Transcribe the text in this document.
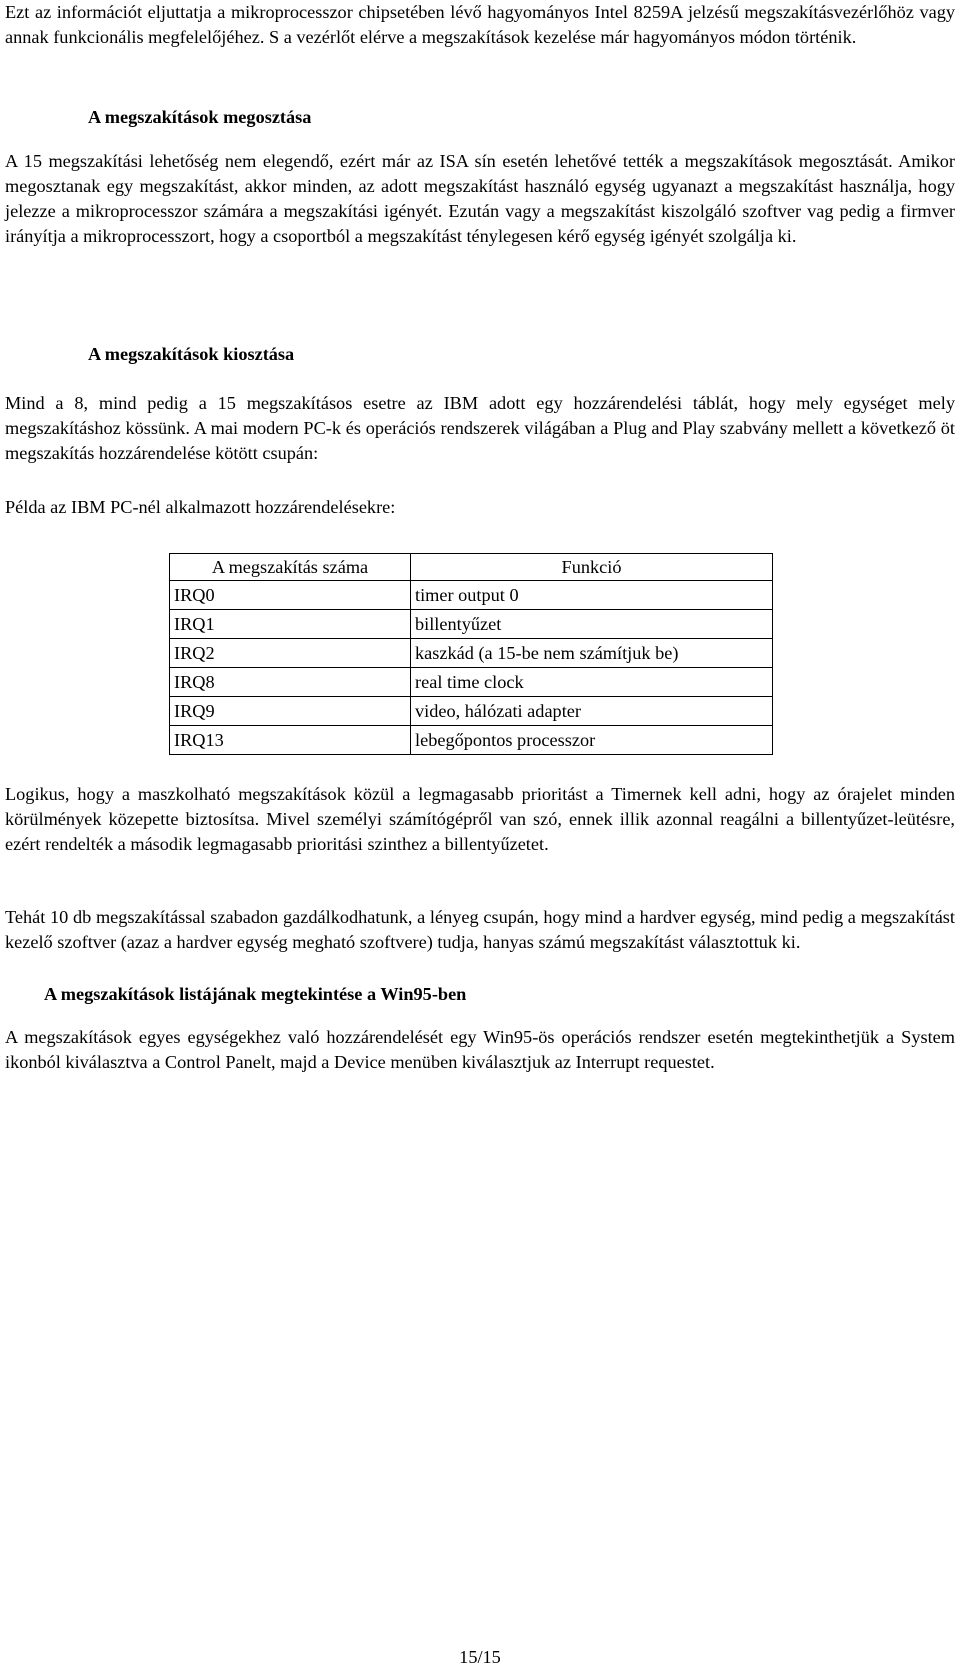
Ezt az információt eljuttatja a mikroprocesszor chipsetében lévő hagyományos Intel 8259A jelzésű megszakításvezérlőhöz vagy annak funkcionális megfelelőjéhez. S a vezérlőt elérve a megszakítások kezelése már hagyományos módon történik.

A megszakítások megosztása

A 15 megszakítási lehetőség nem elegendő, ezért már az ISA sín esetén lehetővé tették a megszakítások megosztását. Amikor megosztanak egy megszakítást, akkor minden, az adott megszakítást használó egység ugyanazt a megszakítást használja, hogy jelezze a mikroprocesszor számára a megszakítási igényét. Ezután vagy a megszakítást kiszolgáló szoftver vag pedig a firmver irányítja a mikroprocesszort, hogy a csoportból a megszakítást ténylegesen kérő egység igényét szolgálja ki.

A megszakítások kiosztása

Mind a 8, mind pedig a 15 megszakításos esetre az IBM adott egy hozzárendelési táblát, hogy mely egységet mely megszakításhoz kössünk. A mai modern PC-k és operációs rendszerek világában a Plug and Play szabvány mellett a következő öt megszakítás hozzárendelése kötött csupán:

Példa az IBM PC-nél alkalmazott hozzárendelésekre:

A megszakítás száma	Funkció
IRQ0	timer output 0
IRQ1	billentyűzet
IRQ2	kaszkád (a 15-be nem számítjuk be)
IRQ8	real time clock
IRQ9	video, hálózati adapter
IRQ13	lebegőpontos processzor

Logikus, hogy a maszkolható megszakítások közül a legmagasabb prioritást a Timernek kell adni, hogy az órajelet minden körülmények közepette biztosítsa. Mivel személyi számítógépről van szó, ennek illik azonnal reagálni a billentyűzet-leütésre, ezért rendelték a második legmagasabb prioritási szinthez a billentyűzetet.

Tehát 10 db megszakítással szabadon gazdálkodhatunk, a lényeg csupán, hogy mind a hardver egység, mind pedig a megszakítást kezelő szoftver (azaz a hardver egység megható szoftvere) tudja, hanyas számú megszakítást választottuk ki.

A megszakítások listájának megtekintése a Win95-ben

A megszakítások egyes egységekhez való hozzárendelését egy Win95-ös operációs rendszer esetén megtekinthetjük a System ikonból kiválasztva a Control Panelt, majd a Device menüben kiválasztjuk az Interrupt requestet.

15/15
